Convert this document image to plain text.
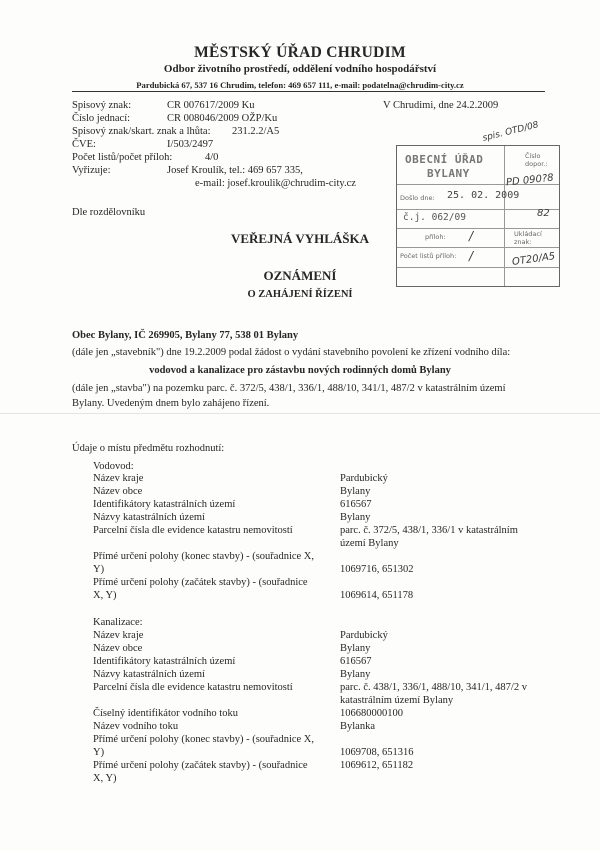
MĚSTSKÝ ÚŘAD CHRUDIM
Odbor životního prostředí, oddělení vodního hospodářství
Pardubická 67, 537 16 Chrudim, telefon: 469 657 111, e-mail: podatelna@chrudim-city.cz
Spisový znak:
Číslo jednací:
Spisový znak/skart. znak a lhůta:
ČVE:
Počet listů/počet příloh:
Vyřizuje:
CR 007617/2009 Ku
CR 008046/2009 OŽP/Ku
231.2.2/A5
I/503/2497
4/0
Josef Kroulík, tel.: 469 657 335,
e-mail: josef.kroulik@chrudim-city.cz
V Chrudimi, dne 24.2.2009
Dle rozdělovníku
spis. OTD/08
OBECNÍ ÚŘAD
BYLANY
Došlo dne: 25. 02. 2009
č.j. 062/09
příloh:
Počet listů příloh:
/
/
Číslo dopor.:
Ukládací znak:
PD 090?8
82
OT20/A5
VEŘEJNÁ VYHLÁŠKA
OZNÁMENÍ
O ZAHÁJENÍ ŘÍZENÍ
Obec Bylany, IČ 269905, Bylany 77, 538 01 Bylany
(dále jen „stavebník") dne 19.2.2009 podal žádost o vydání stavebního povolení ke zřízení vodního díla:
vodovod a kanalizace pro zástavbu nových rodinných domů Bylany
(dále jen „stavba") na pozemku parc. č. 372/5, 438/1, 336/1, 488/10, 341/1, 487/2 v katastrálním území
Bylany. Uvedeným dnem bylo zahájeno řízení.
Údaje o místu předmětu rozhodnutí:
Vodovod:
Název kraje
Název obce
Identifikátory katastrálních území
Názvy katastrálních území
Parcelní čísla dle evidence katastru nemovitostí
Přímé určení polohy (konec stavby) - (souřadnice X,
Y)
Přímé určení polohy (začátek stavby) - (souřadnice
X, Y)
Pardubický
Bylany
616567
Bylany
parc. č. 372/5, 438/1, 336/1 v katastrálním
území Bylany
1069716, 651302
1069614, 651178
Kanalizace:
Název kraje
Název obce
Identifikátory katastrálních území
Názvy katastrálních území
Parcelní čísla dle evidence katastru nemovitostí
Číselný identifikátor vodního toku
Název vodního toku
Přímé určení polohy (konec stavby) - (souřadnice X,
Y)
Přímé určení polohy (začátek stavby) - (souřadnice
X, Y)
Pardubický
Bylany
616567
Bylany
parc. č. 438/1, 336/1, 488/10, 341/1, 487/2 v
katastrálním území Bylany
106680000100
Bylanka
1069708, 651316
1069612, 651182
